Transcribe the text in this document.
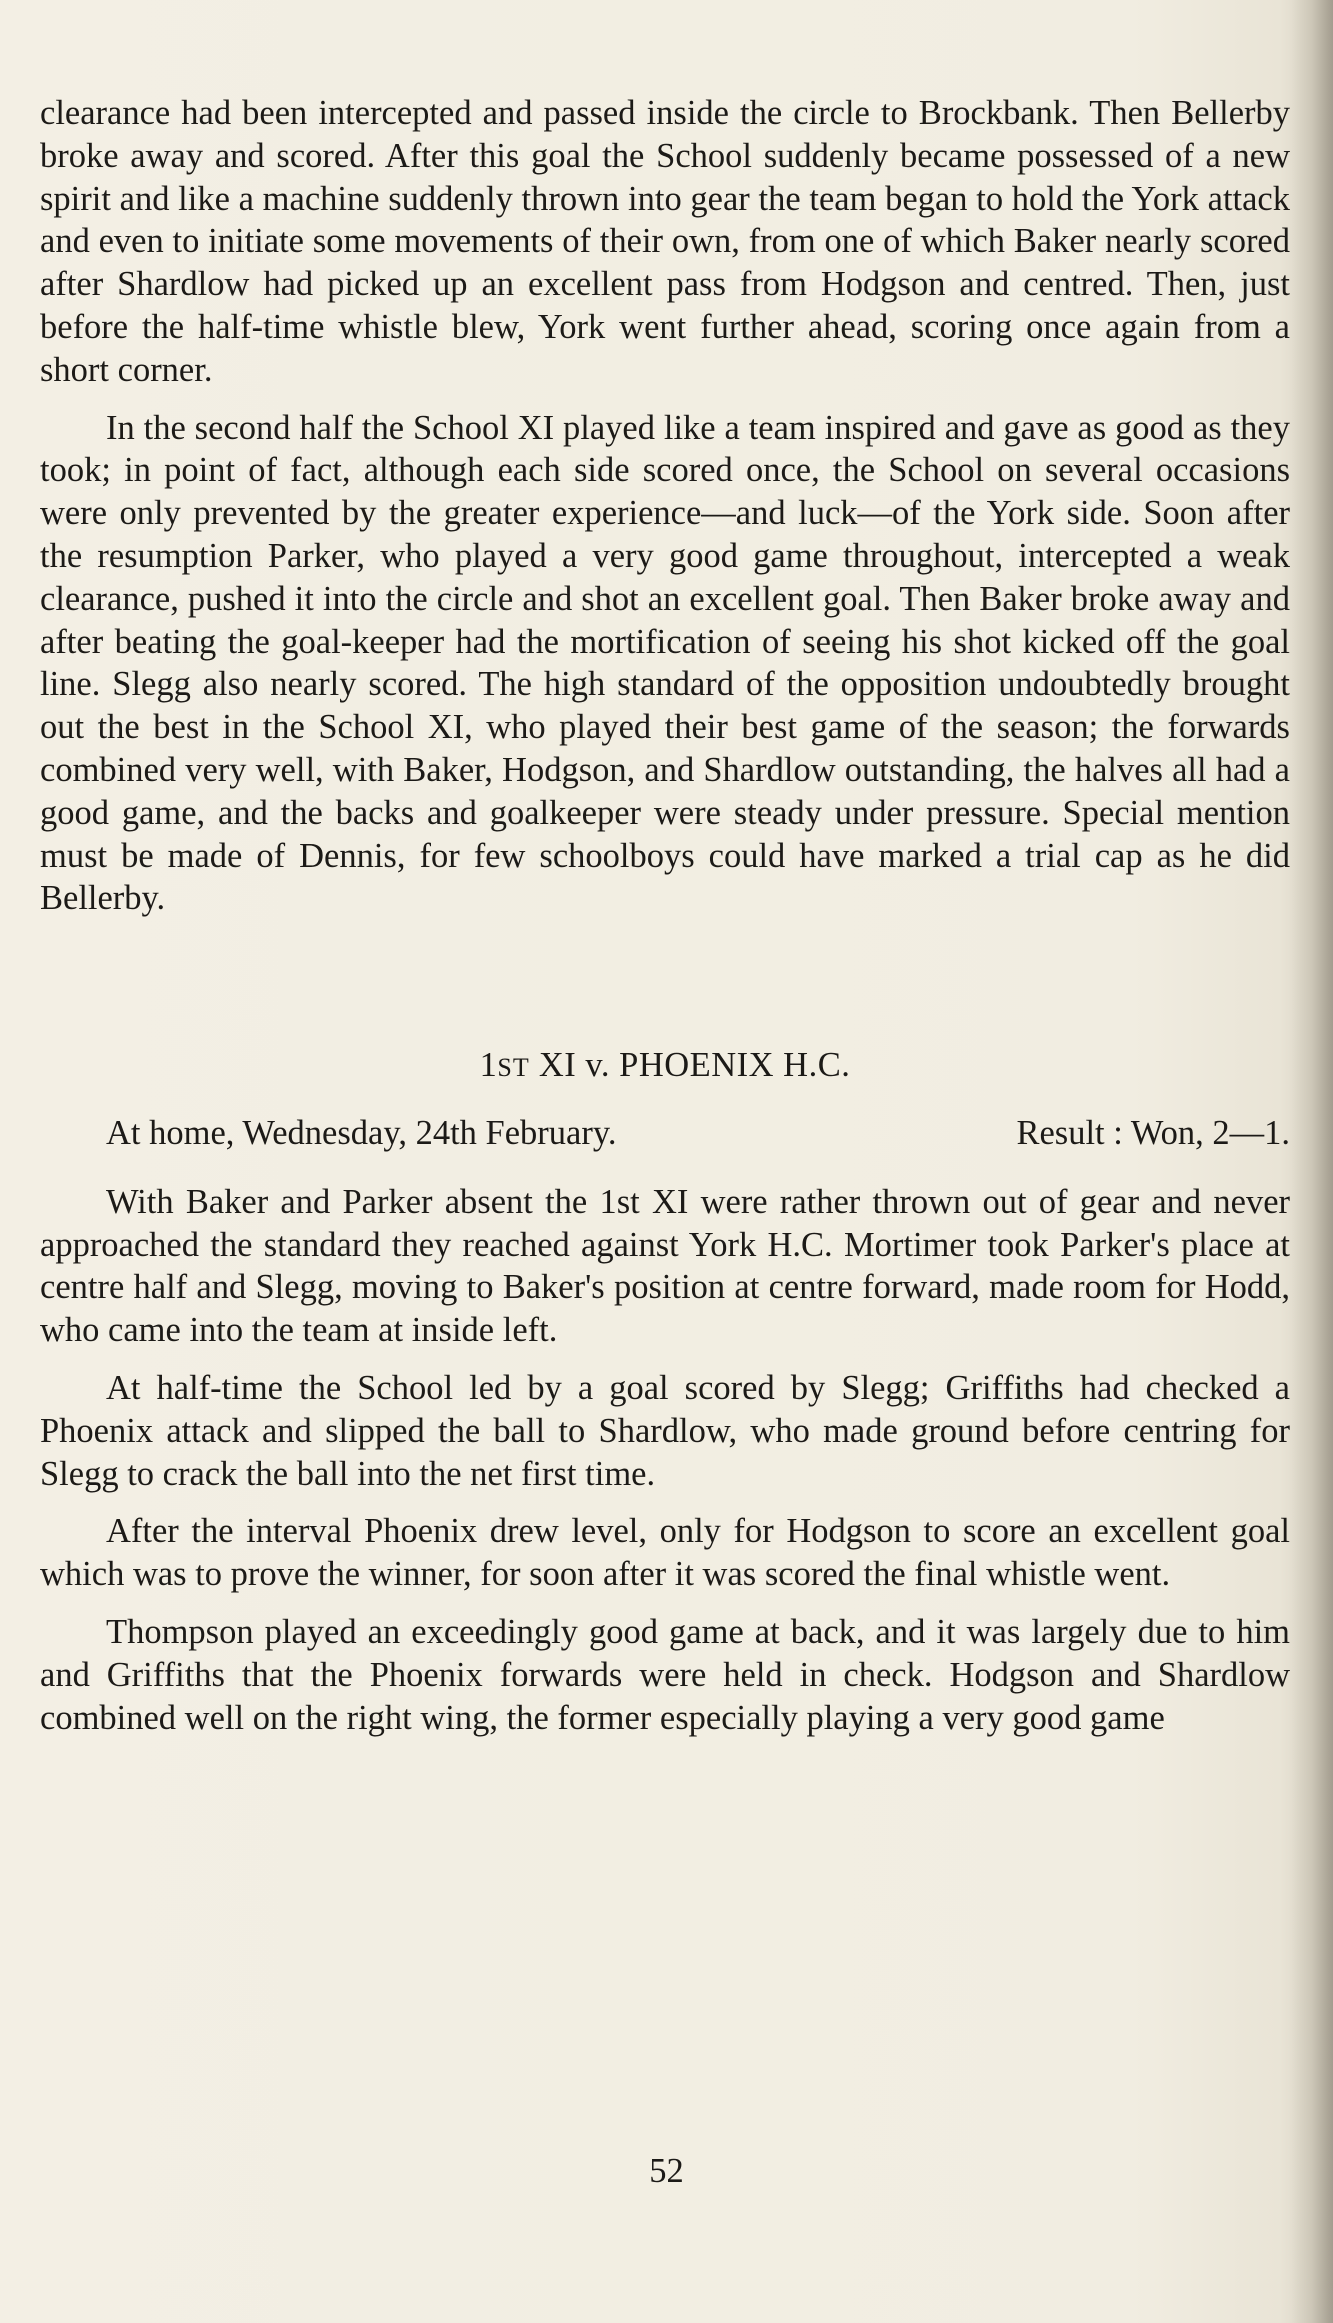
clearance had been intercepted and passed inside the circle to Brockbank. Then Bellerby broke away and scored. After this goal the School suddenly became possessed of a new spirit and like a machine suddenly thrown into gear the team began to hold the York attack and even to initiate some movements of their own, from one of which Baker nearly scored after Shardlow had picked up an excellent pass from Hodgson and centred. Then, just before the half-time whistle blew, York went further ahead, scoring once again from a short corner.

In the second half the School XI played like a team inspired and gave as good as they took; in point of fact, although each side scored once, the School on several occasions were only prevented by the greater experience—and luck—of the York side. Soon after the resumption Parker, who played a very good game throughout, intercepted a weak clearance, pushed it into the circle and shot an excellent goal. Then Baker broke away and after beating the goal-keeper had the mortification of seeing his shot kicked off the goal line. Slegg also nearly scored. The high standard of the opposition undoubtedly brought out the best in the School XI, who played their best game of the season; the forwards combined very well, with Baker, Hodgson, and Shardlow outstanding, the halves all had a good game, and the backs and goalkeeper were steady under pressure. Special mention must be made of Dennis, for few schoolboys could have marked a trial cap as he did Bellerby.

1ST XI v. PHOENIX H.C.
At home, Wednesday, 24th February.	Result : Won, 2—1.

With Baker and Parker absent the 1st XI were rather thrown out of gear and never approached the standard they reached against York H.C. Mortimer took Parker's place at centre half and Slegg, moving to Baker's position at centre forward, made room for Hodd, who came into the team at inside left.

At half-time the School led by a goal scored by Slegg; Griffiths had checked a Phoenix attack and slipped the ball to Shardlow, who made ground before centring for Slegg to crack the ball into the net first time.

After the interval Phoenix drew level, only for Hodgson to score an excellent goal which was to prove the winner, for soon after it was scored the final whistle went.

Thompson played an exceedingly good game at back, and it was largely due to him and Griffiths that the Phoenix forwards were held in check. Hodgson and Shardlow combined well on the right wing, the former especially playing a very good game

52
